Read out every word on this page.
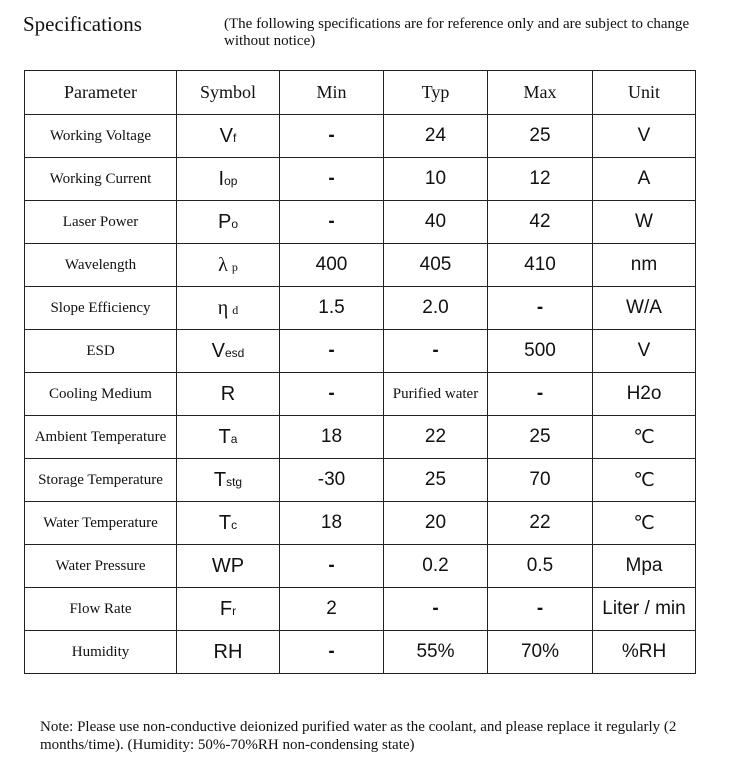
Specifications	(The following specifications are for reference only and are subject to change without notice)
Parameter	Symbol	Min	Typ	Max	Unit
Working Voltage	Vf	-	24	25	V
Working Current	Iop	-	10	12	A
Laser Power	Po	-	40	42	W
Wavelength	λ p	400	405	410	nm
Slope Efficiency	η d	1.5	2.0	-	W/A
ESD	Vesd	-	-	500	V
Cooling Medium	R	-	Purified water	-	H2o
Ambient Temperature	Ta	18	22	25	℃
Storage Temperature	Tstg	-30	25	70	℃
Water Temperature	Tc	18	20	22	℃
Water Pressure	WP	-	0.2	0.5	Mpa
Flow Rate	Fr	2	-	-	Liter / min
Humidity	RH	-	55%	70%	%RH
Note: Please use non-conductive deionized purified water as the coolant, and please replace it regularly (2 months/time). (Humidity: 50%-70%RH non-condensing state)
